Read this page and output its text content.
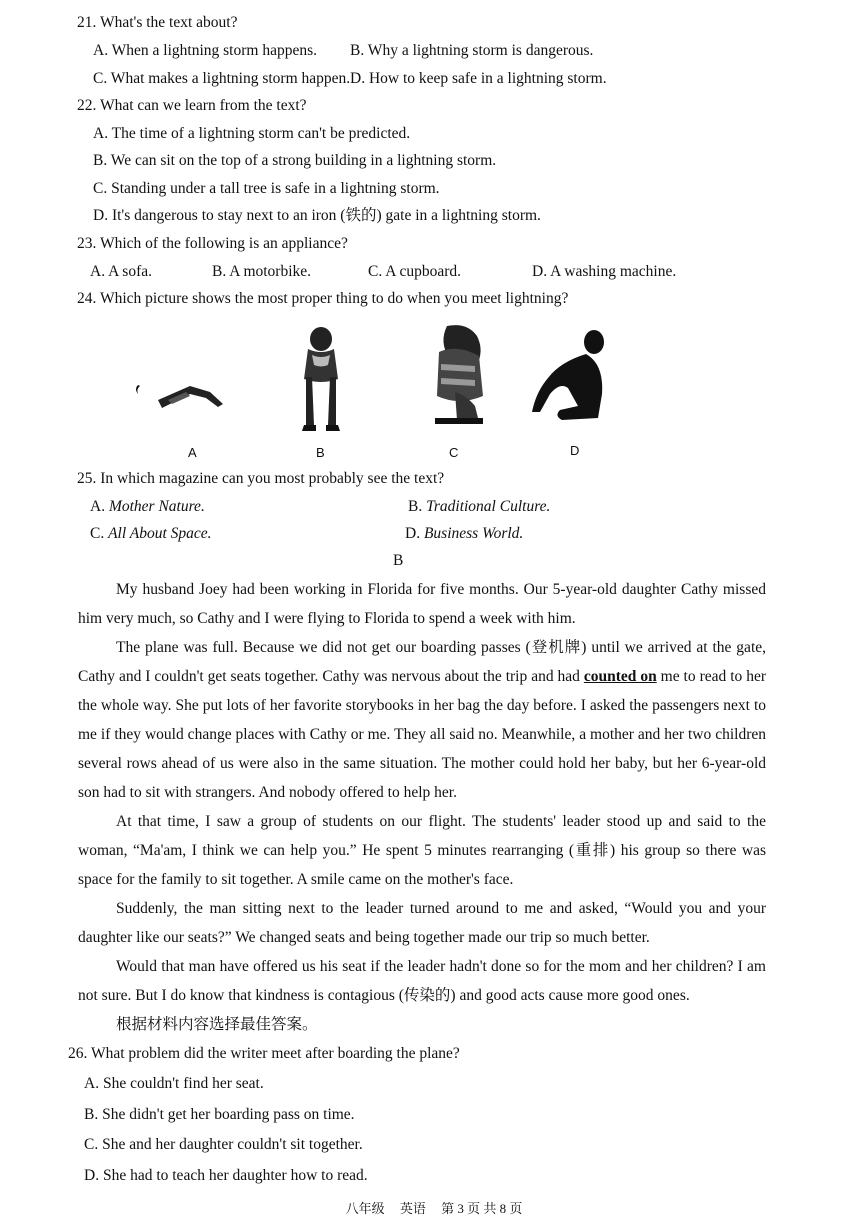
21. What's the text about?
A. When a lightning storm happens. B. Why a lightning storm is dangerous.
C. What makes a lightning storm happen. D. How to keep safe in a lightning storm.
22. What can we learn from the text?
A. The time of a lightning storm can't be predicted.
B. We can sit on the top of a strong building in a lightning storm.
C. Standing under a tall tree is safe in a lightning storm.
D. It's dangerous to stay next to an iron (铁的) gate in a lightning storm.
23. Which of the following is an appliance?
A. A sofa.	B. A motorbike.	C. A cupboard.	D. A washing machine.
24. Which picture shows the most proper thing to do when you meet lightning?
A	B	C	D
25. In which magazine can you most probably see the text?
A. Mother Nature.	B. Traditional Culture.
C. All About Space.	D. Business World.
B

My husband Joey had been working in Florida for five months. Our 5-year-old daughter Cathy missed him very much, so Cathy and I were flying to Florida to spend a week with him.

The plane was full. Because we did not get our boarding passes (登机牌) until we arrived at the gate, Cathy and I couldn't get seats together. Cathy was nervous about the trip and had counted on me to read to her the whole way. She put lots of her favorite storybooks in her bag the day before. I asked the passengers next to me if they would change places with Cathy or me. They all said no. Meanwhile, a mother and her two children several rows ahead of us were also in the same situation. The mother could hold her baby, but her 6-year-old son had to sit with strangers. And nobody offered to help her.

At that time, I saw a group of students on our flight. The students' leader stood up and said to the woman, “Ma'am, I think we can help you.” He spent 5 minutes rearranging (重排) his group so there was space for the family to sit together. A smile came on the mother's face.

Suddenly, the man sitting next to the leader turned around to me and asked, “Would you and your daughter like our seats?” We changed seats and being together made our trip so much better.

Would that man have offered us his seat if the leader hadn't done so for the mom and her children? I am not sure. But I do know that kindness is contagious (传染的) and good acts cause more good ones.

根据材料内容选择最佳答案。

26. What problem did the writer meet after boarding the plane?
A. She couldn't find her seat.
B. She didn't get her boarding pass on time.
C. She and her daughter couldn't sit together.
D. She had to teach her daughter how to read.
八年级 英语 第 3 页 共 8 页
